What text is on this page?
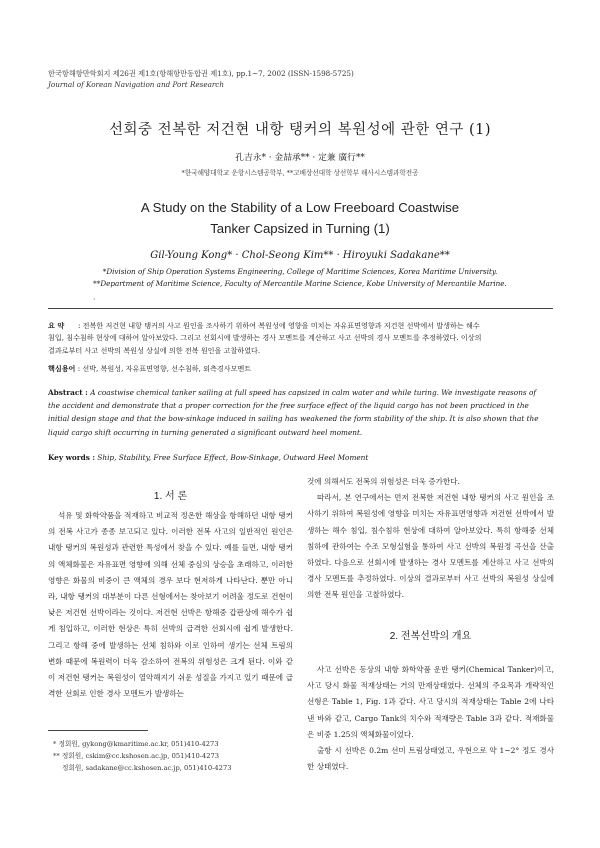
한국항해항만학회지 제26권 제1호(항해항만동합권 제1호), pp.1~7, 2002 (ISSN-1598-5725)
Journal of Korean Navigation and Port Research
선회중 전복한 저건현 내항 탱커의 복원성에 관한 연구 (1)
孔吉永* · 金喆承** · 定兼 廣行**
*한국해양대학교 운항시스템공학부, **고베상선대학 상선학부 해사시스템과학전공
A Study on the Stability of a Low Freeboard Coastwise
Tanker Capsized in Turning (1)
Gil-Young Kong* · Chol-Seong Kim** · Hiroyuki Sadakane**
*Division of Ship Operation Systems Engineering, College of Maritime Sciences, Korea Maritime University.
**Department of Maritime Science, Faculty of Mercantile Marine Science, Kobe University of Mercantile Marine.
·
요 약 : 전복한 저건현 내항 탱커의 사고 원인을 조사하기 위하여 복원성에 영향을 미치는 자유표면영향과 저건현 선박에서 발생하는 해수
침입, 침수침하 현상에 대하여 알아보았다. 그리고 선회시에 발생하는 경사 모멘트를 계산하고 사고 선박의 경사 모멘트를 추정하였다. 이상의
결과로부터 사고 선박의 복원성 상실에 의한 전복 원인을 고찰하였다.
핵심용어 : 선박, 복원성, 자유표면영향, 선수침하, 외측경사모멘트
Abstract : A coastwise chemical tanker sailing at full speed has capsized in calm water and while turing. We investigate reasons of
the accident and demonstrate that a proper correction for the free surface effect of the liquid cargo has not been practiced in the
initial design stage and that the bow-sinkage induced in sailing has weakened the form stability of the ship. It is also shown that the
liquid cargo shift occurring in turning generated a significant outward heel moment.
Key words : Ship, Stability, Free Surface Effect, Bow-Sinkage, Outward Heel Moment
1. 서 론

석유 및 화학약품을 적재하고 비교적 정온한 해상을 항해하던 내항 탱커의 전복 사고가 종종 보고되고 있다. 이러한 전복 사고의 일반적인 원인은 내항 탱커의 복원성과 관련한 특성에서 찾을 수 있다. 예를 들면, 내항 탱커의 액체화물은 자유표면 영향에 의해 선체 중심의 상승을 초래하고, 이러한 영향은 화물의 비중이 큰 액체의 경우 보다 현저하게 나타난다. 뿐만 아니라, 내항 탱커의 대부분이 다른 선형에서는 찾아보기 어려울 정도로 건현이 낮은 저건현 선박이라는 것이다. 저건현 선박은 항해중 갑판상에 해수가 쉽게 침입하고, 이러한 현상은 특히 선박의 급격한 선회시에 쉽게 발생한다. 그리고 항해 중에 발생하는 선체 침하와 이로 인하여 생기는 선체 트림의 변화 때문에 복원력이 더욱 감소하여 전복의 위험성은 크게 된다. 이와 같이 저건현 탱커는 복원성이 열악해지기 쉬운 성질을 가지고 있기 때문에 급격한 선회로 인한 경사 모멘트가 발생하는

것에 의해서도 전복의 위험성은 더욱 증가한다.

따라서, 본 연구에서는 먼저 전복한 저건현 내항 탱커의 사고 원인을 조사하기 위하여 복원성에 영향을 미치는 자유표면영향과 저건현 선박에서 발생하는 해수 침입, 침수침하 현상에 대하여 알아보았다. 특히 항해중 선체 침하에 관하여는 수조 모형실험을 통하여 사고 선박의 복원정 곡선을 산출하였다. 다음으로 선회시에 발생하는 경사 모멘트를 계산하고 사고 선박의 경사 모멘트를 추정하였다. 이상의 결과로부터 사고 선박의 복원성 상실에 의한 전복 원인을 고찰하였다.

2. 전복선박의 개요

사고 선박은 동상의 내항 화학약품 운반 탱커(Chemical Tanker)이고, 사고 당시 화물 적재상태는 거의 만재상태였다. 선체의 주요목과 개략적인 선형은 Table 1, Fig. 1과 같다. 사고 당시의 적재상태는 Table 2에 나타낸 바와 같고, Cargo Tank의 치수와 적재량은 Table 3과 같다. 적재화물은 비중 1.25의 액체화물이었다.

출항 시 선박은 0.2m 선미 트림상태였고, 우현으로 약 1~2° 정도 경사한 상태였다.

* 정회원, gykong@kmaritime.ac.kr, 051)410-4273
** 정회원, cskim@cc.kshosen.ac.jp, 051)410-4273
정회원, sadakane@cc.kshosen.ac.jp, 051)410-4273
